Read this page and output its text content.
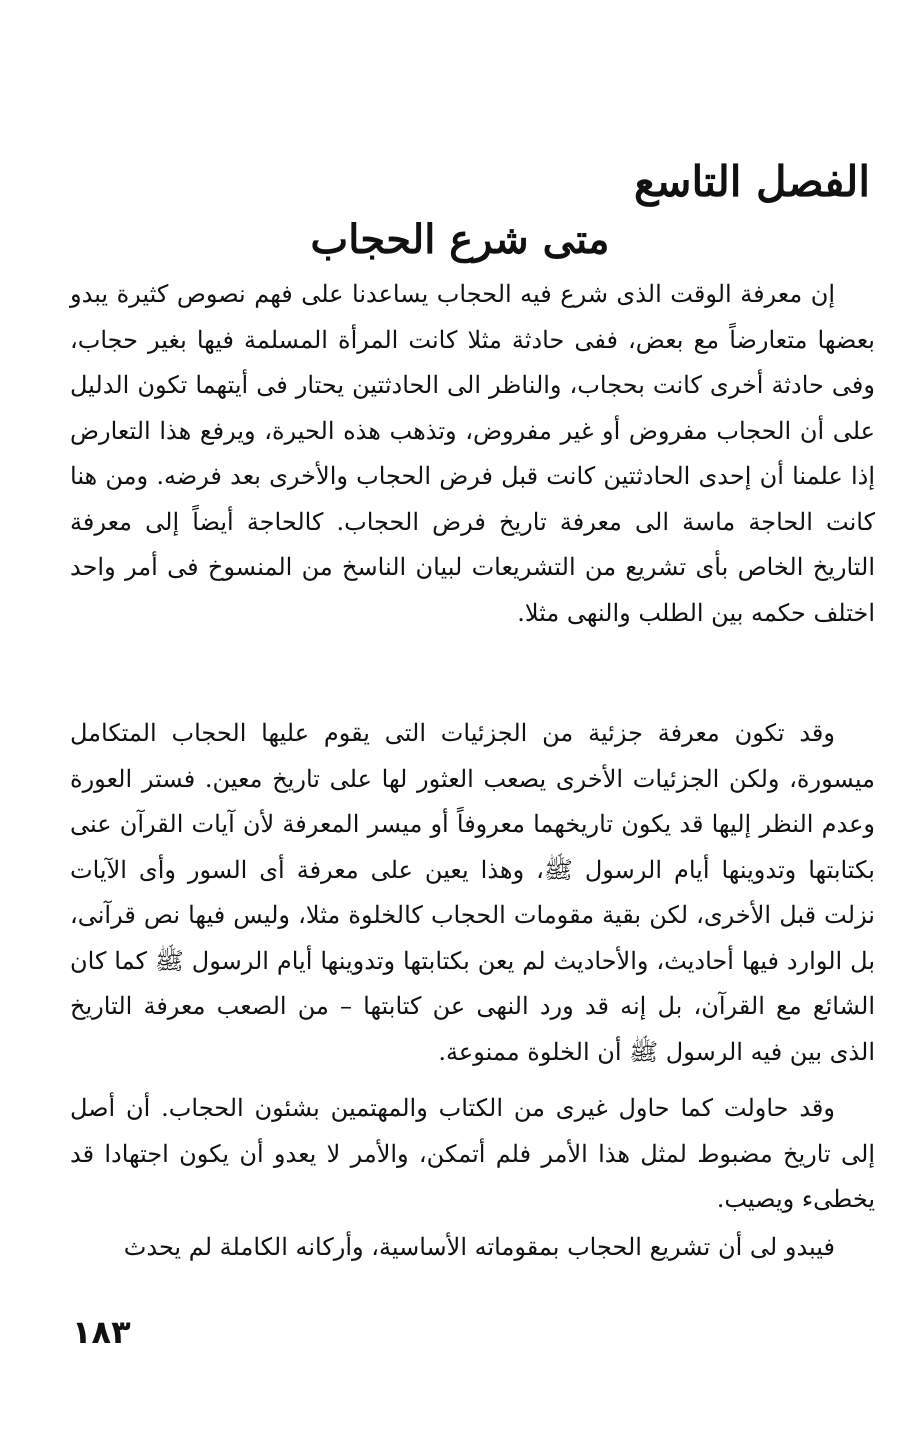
الفصل التاسع
متى شرع الحجاب

إن معرفة الوقت الذى شرع فيه الحجاب يساعدنا على فهم نصوص كثيرة يبدو بعضها متعارضاً مع بعض، ففى حادثة مثلا كانت المرأة المسلمة فيها بغير حجاب، وفى حادثة أخرى كانت بحجاب، والناظر الى الحادثتين يحتار فى أيتهما تكون الدليل على أن الحجاب مفروض أو غير مفروض، وتذهب هذه الحيرة، ويرفع هذا التعارض إذا علمنا أن إحدى الحادثتين كانت قبل فرض الحجاب والأخرى بعد فرضه. ومن هنا كانت الحاجة ماسة الى معرفة تاريخ فرض الحجاب. كالحاجة أيضاً إلى معرفة التاريخ الخاص بأى تشريع من التشريعات لبيان الناسخ من المنسوخ فى أمر واحد اختلف حكمه بين الطلب والنهى مثلا.

وقد تكون معرفة جزئية من الجزئيات التى يقوم عليها الحجاب المتكامل ميسورة، ولكن الجزئيات الأخرى يصعب العثور لها على تاريخ معين. فستر العورة وعدم النظر إليها قد يكون تاريخهما معروفاً أو ميسر المعرفة لأن آيات القرآن عنى بكتابتها وتدوينها أيام الرسول ﷺ، وهذا يعين على معرفة أى السور وأى الآيات نزلت قبل الأخرى، لكن بقية مقومات الحجاب كالخلوة مثلا، وليس فيها نص قرآنى، بل الوارد فيها أحاديث، والأحاديث لم يعن بكتابتها وتدوينها أيام الرسول ﷺ كما كان الشائع مع القرآن، بل إنه قد ورد النهى عن كتابتها – من الصعب معرفة التاريخ الذى بين فيه الرسول ﷺ أن الخلوة ممنوعة.

وقد حاولت كما حاول غيرى من الكتاب والمهتمين بشئون الحجاب. أن أصل إلى تاريخ مضبوط لمثل هذا الأمر فلم أتمكن، والأمر لا يعدو أن يكون اجتهادا قد يخطىء ويصيب.

فيبدو لى أن تشريع الحجاب بمقوماته الأساسية، وأركانه الكاملة لم يحدث

١٨٣
